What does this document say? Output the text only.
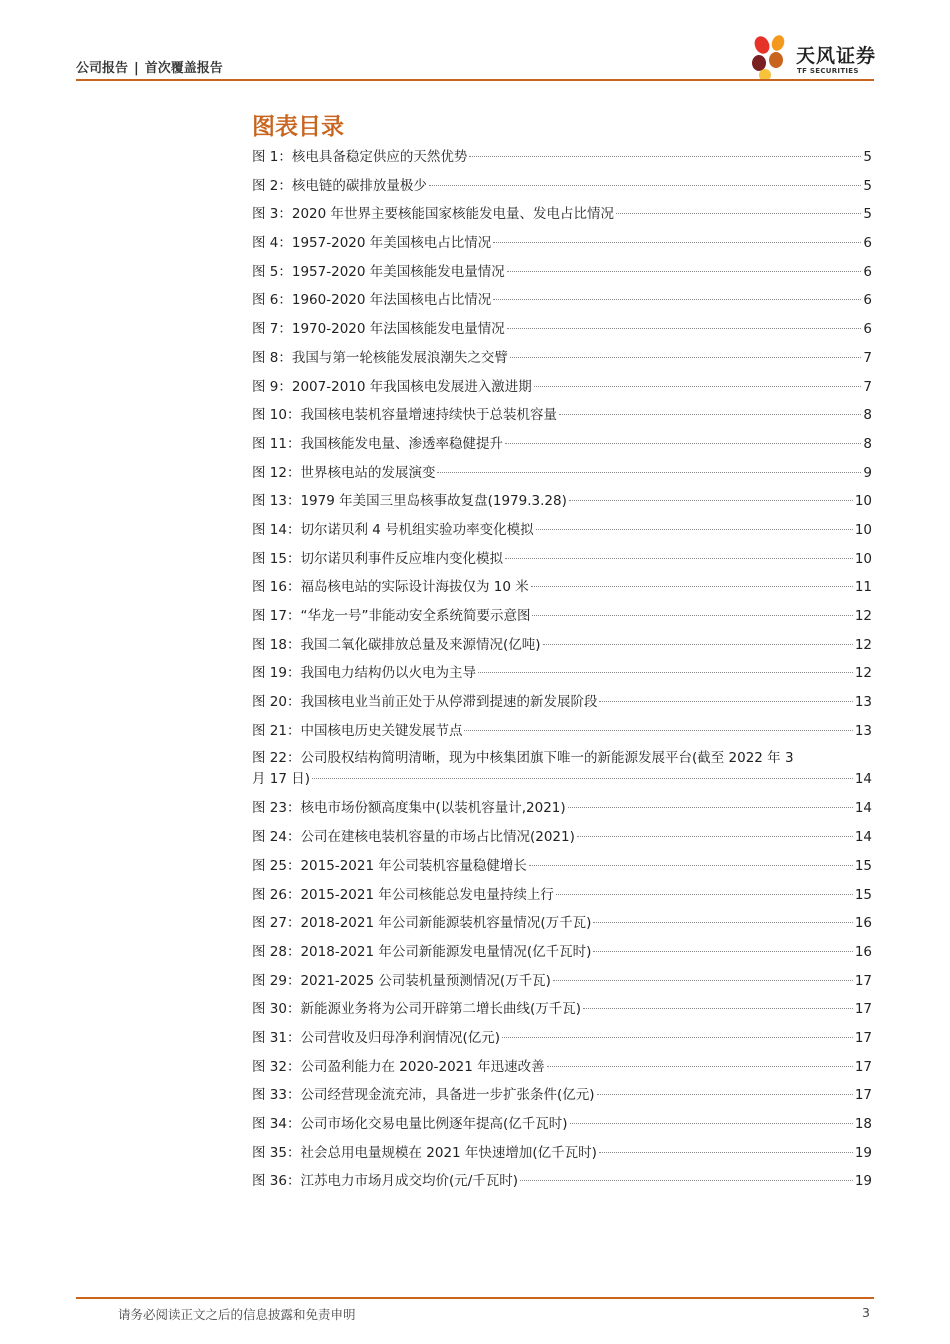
公司报告 | 首次覆盖报告
天风证券
TF SECURITIES
图表目录
图 1：核电具备稳定供应的天然优势	5
图 2：核电链的碳排放量极少	5
图 3：2020 年世界主要核能国家核能发电量、发电占比情况	5
图 4：1957-2020 年美国核电占比情况	6
图 5：1957-2020 年美国核能发电量情况	6
图 6：1960-2020 年法国核电占比情况	6
图 7：1970-2020 年法国核能发电量情况	6
图 8：我国与第一轮核能发展浪潮失之交臂	7
图 9：2007-2010 年我国核电发展进入激进期	7
图 10：我国核电装机容量增速持续快于总装机容量	8
图 11：我国核能发电量、渗透率稳健提升	8
图 12：世界核电站的发展演变	9
图 13：1979 年美国三里岛核事故复盘(1979.3.28)	10
图 14：切尔诺贝利 4 号机组实验功率变化模拟	10
图 15：切尔诺贝利事件反应堆内变化模拟	10
图 16：福岛核电站的实际设计海拔仅为 10 米	11
图 17：“华龙一号”非能动安全系统简要示意图	12
图 18：我国二氧化碳排放总量及来源情况(亿吨)	12
图 19：我国电力结构仍以火电为主导	12
图 20：我国核电业当前正处于从停滞到提速的新发展阶段	13
图 21：中国核电历史关键发展节点	13
图 22：公司股权结构简明清晰，现为中核集团旗下唯一的新能源发展平台(截至 2022 年 3
月 17 日)	14
图 23：核电市场份额高度集中(以装机容量计,2021)	14
图 24：公司在建核电装机容量的市场占比情况(2021)	14
图 25：2015-2021 年公司装机容量稳健增长	15
图 26：2015-2021 年公司核能总发电量持续上行	15
图 27：2018-2021 年公司新能源装机容量情况(万千瓦)	16
图 28：2018-2021 年公司新能源发电量情况(亿千瓦时)	16
图 29：2021-2025 公司装机量预测情况(万千瓦)	17
图 30：新能源业务将为公司开辟第二增长曲线(万千瓦)	17
图 31：公司营收及归母净利润情况(亿元)	17
图 32：公司盈利能力在 2020-2021 年迅速改善	17
图 33：公司经营现金流充沛，具备进一步扩张条件(亿元)	17
图 34：公司市场化交易电量比例逐年提高(亿千瓦时)	18
图 35：社会总用电量规模在 2021 年快速增加(亿千瓦时)	19
图 36：江苏电力市场月成交均价(元/千瓦时)	19
请务必阅读正文之后的信息披露和免责申明	3
